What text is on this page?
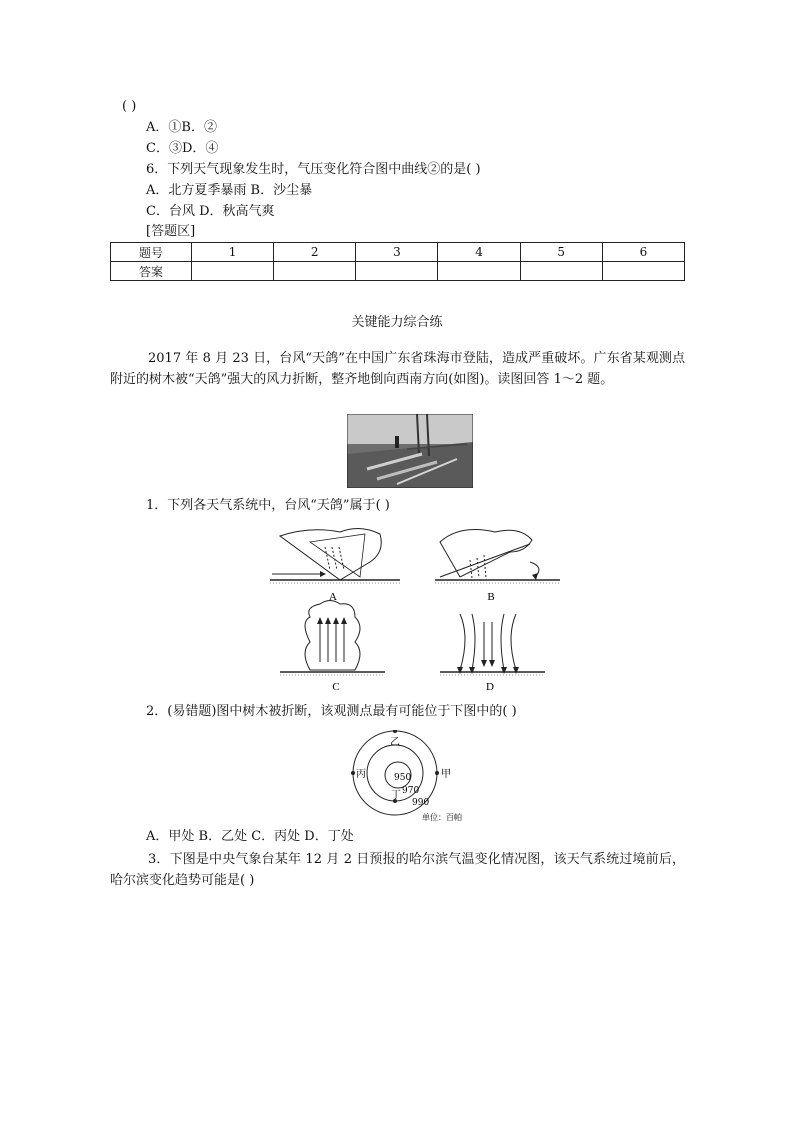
( )
A．①B．②
C．③D．④
6．下列天气现象发生时，气压变化符合图中曲线②的是( )
A．北方夏季暴雨 B．沙尘暴
C．台风 D．秋高气爽
[答题区]
题号	1	2	3	4	5	6
答案						
关键能力综合练
2017 年 8 月 23 日，台风“天鸽”在中国广东省珠海市登陆，造成严重破坏。广东省某观测点附近的树木被“天鸽”强大的风力折断，整齐地倒向西南方向(如图)。读图回答 1～2 题。
1．下列各天气系统中，台风“天鸽”属于( )
A	B
C	D
2．(易错题)图中树木被折断，该观测点最有可能位于下图中的( )
乙
甲
丙
丁
950
970
990
单位：百帕
A．甲处 B．乙处 C．丙处 D．丁处
3．下图是中央气象台某年 12 月 2 日预报的哈尔滨气温变化情况图，该天气系统过境前后，哈尔滨变化趋势可能是( )
